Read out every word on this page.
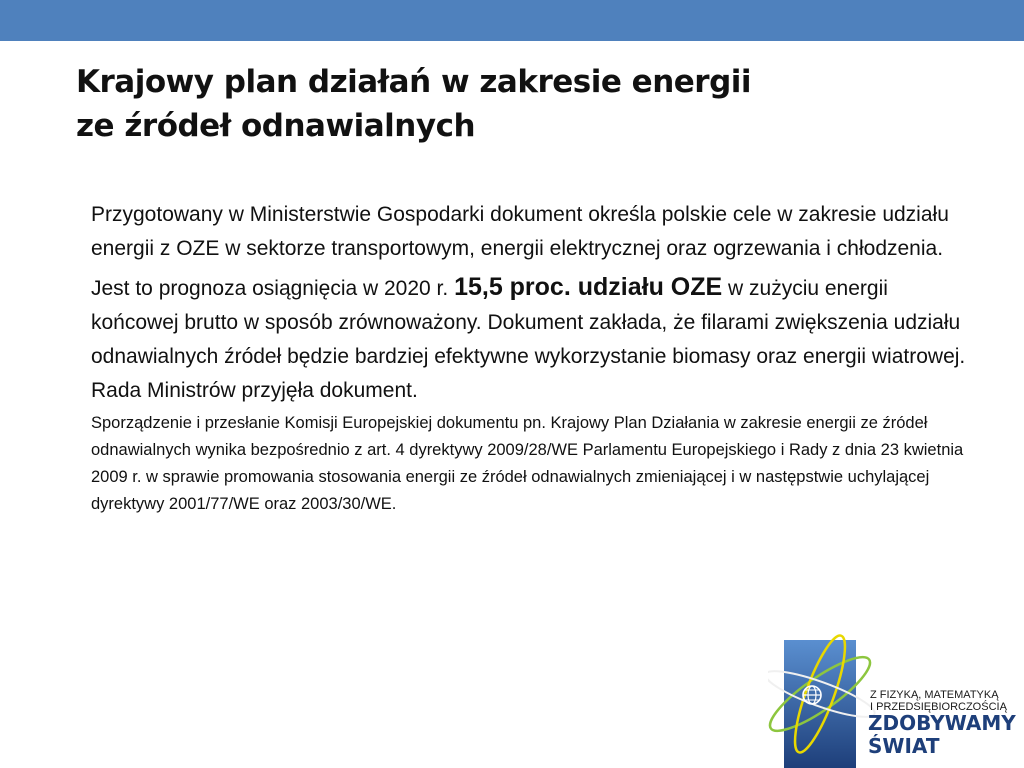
Krajowy plan działań w zakresie energii
ze źródeł odnawialnych

Przygotowany w Ministerstwie Gospodarki dokument określa polskie cele w zakresie udziału energii z OZE w sektorze transportowym, energii elektrycznej oraz ogrzewania i chłodzenia.

Jest to prognoza osiągnięcia w 2020 r. 15,5 proc. udziału OZE w zużyciu energii końcowej brutto w sposób zrównoważony. Dokument zakłada, że filarami zwiększenia udziału odnawialnych źródeł będzie bardziej efektywne wykorzystanie biomasy oraz energii wiatrowej.

Rada Ministrów przyjęła dokument.

Sporządzenie i przesłanie Komisji Europejskiej dokumentu pn. Krajowy Plan Działania w zakresie energii ze źródeł odnawialnych wynika bezpośrednio z art. 4 dyrektywy 2009/28/WE Parlamentu Europejskiego i Rady z dnia 23 kwietnia 2009 r. w sprawie promowania stosowania energii ze źródeł odnawialnych zmieniającej i w następstwie uchylającej dyrektywy 2001/77/WE oraz 2003/30/WE.

Z FIZYKĄ, MATEMATYKĄ
I PRZEDSIĘBIORCZOŚCIĄ
ZDOBYWAMY
ŚWIAT
